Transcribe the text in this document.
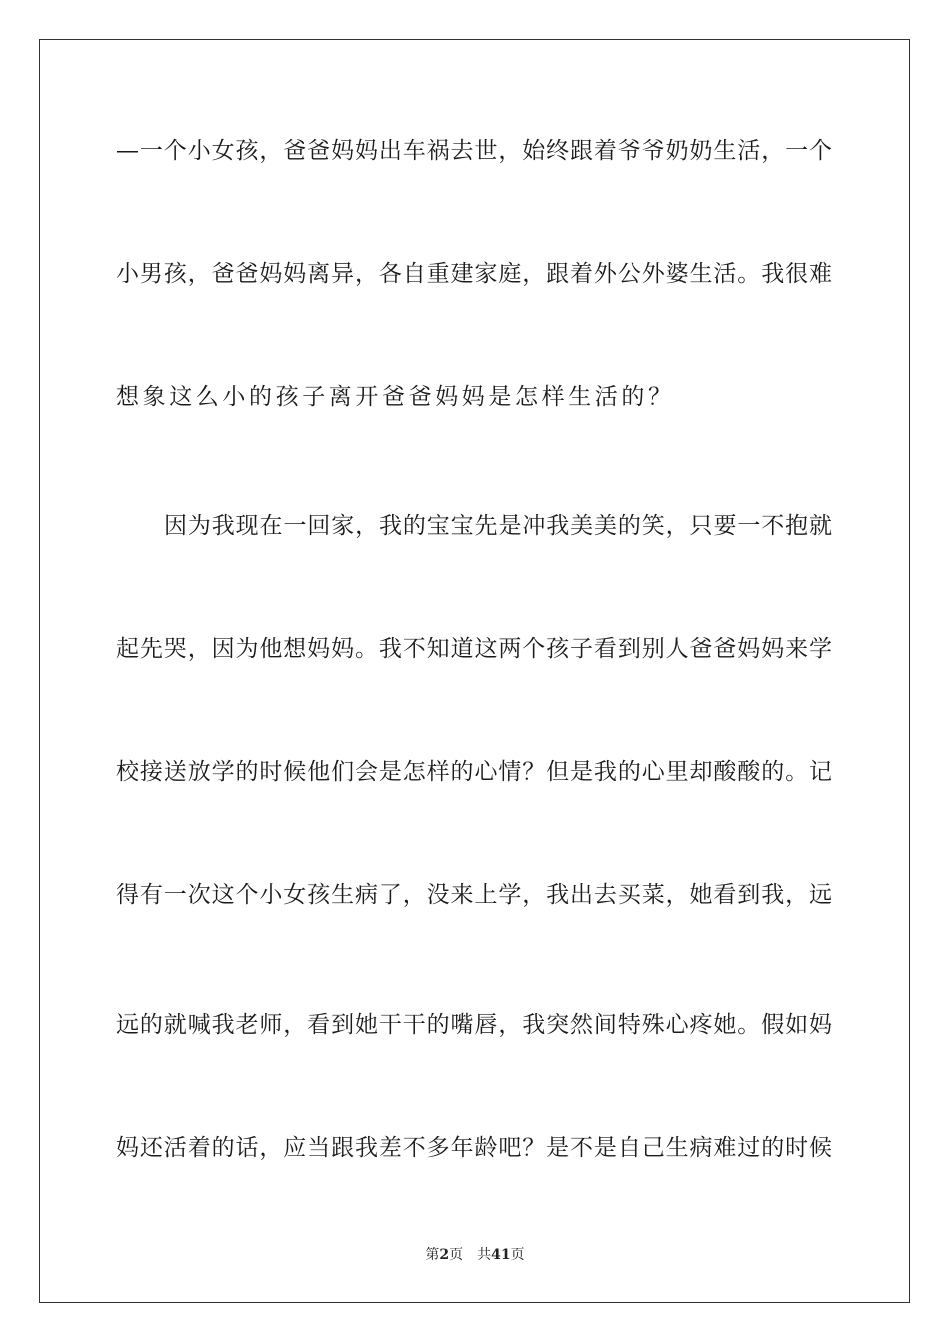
—一个小女孩，爸爸妈妈出车祸去世，始终跟着爷爷奶奶生活，一个
小男孩，爸爸妈妈离异，各自重建家庭，跟着外公外婆生活。我很难
想象这么小的孩子离开爸爸妈妈是怎样生活的？
因为我现在一回家，我的宝宝先是冲我美美的笑，只要一不抱就
起先哭，因为他想妈妈。我不知道这两个孩子看到别人爸爸妈妈来学
校接送放学的时候他们会是怎样的心情？但是我的心里却酸酸的。记
得有一次这个小女孩生病了，没来上学，我出去买菜，她看到我，远
远的就喊我老师，看到她干干的嘴唇，我突然间特殊心疼她。假如妈
妈还活着的话，应当跟我差不多年龄吧？是不是自己生病难过的时候
第2页 共41页
